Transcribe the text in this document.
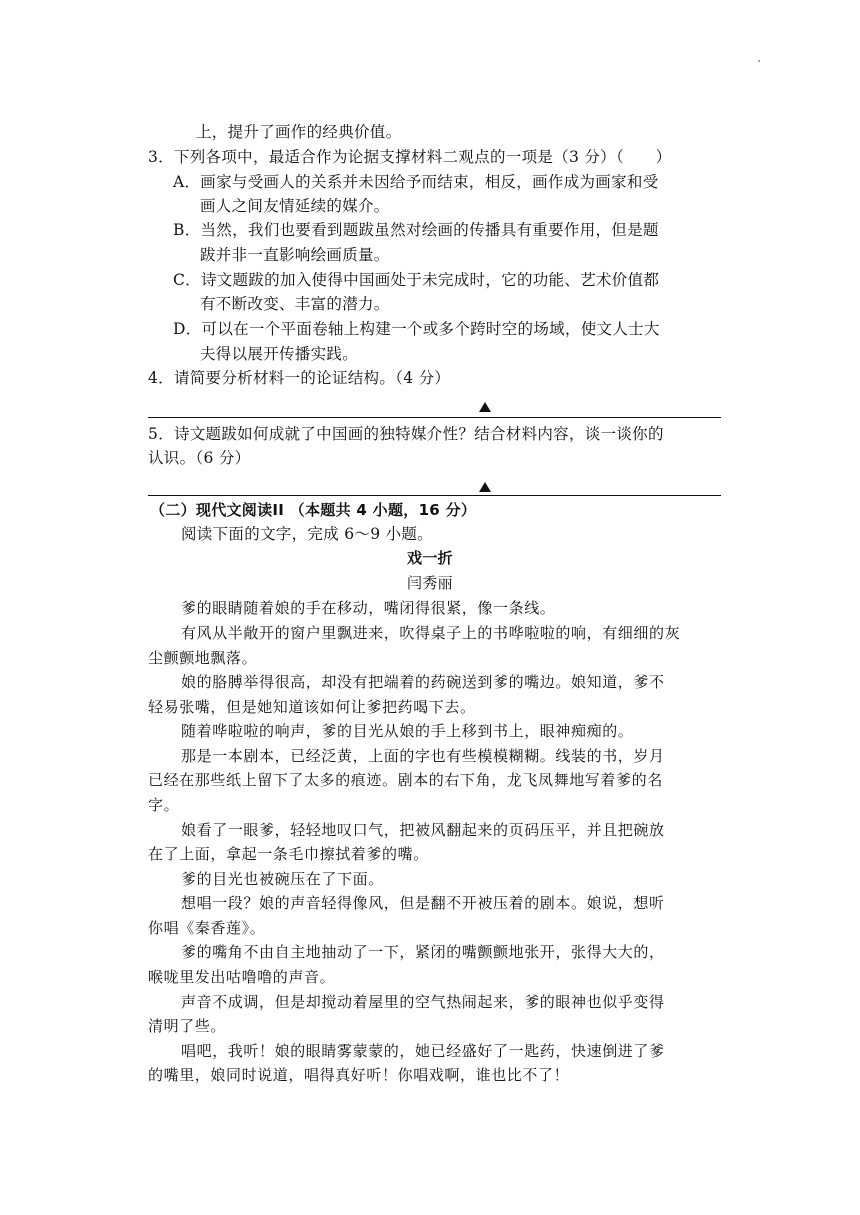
上，提升了画作的经典价值。
3．下列各项中，最适合作为论据支撑材料二观点的一项是（3 分）（　　）
A．画家与受画人的关系并未因给予而结束，相反，画作成为画家和受
画人之间友情延续的媒介。
B．当然，我们也要看到题跋虽然对绘画的传播具有重要作用，但是题
跋并非一直影响绘画质量。
C．诗文题跋的加入使得中国画处于未完成时，它的功能、艺术价值都
有不断改变、丰富的潜力。
D．可以在一个平面卷轴上构建一个或多个跨时空的场域，使文人士大
夫得以展开传播实践。
4．请简要分析材料一的论证结构。（4 分）
5．诗文题跋如何成就了中国画的独特媒介性？结合材料内容，谈一谈你的
认识。（6 分）
（二）现代文阅读II （本题共 4 小题，16 分）
阅读下面的文字，完成 6～9 小题。
戏一折
闫秀丽
爹的眼睛随着娘的手在移动，嘴闭得很紧，像一条线。
有风从半敞开的窗户里飘进来，吹得桌子上的书哗啦啦的响，有细细的灰
尘颤颤地飘落。
娘的胳膊举得很高，却没有把端着的药碗送到爹的嘴边。娘知道，爹不
轻易张嘴，但是她知道该如何让爹把药喝下去。
随着哗啦啦的响声，爹的目光从娘的手上移到书上，眼神痴痴的。
那是一本剧本，已经泛黄，上面的字也有些模模糊糊。线装的书，岁月
已经在那些纸上留下了太多的痕迹。剧本的右下角，龙飞凤舞地写着爹的名
字。
娘看了一眼爹，轻轻地叹口气，把被风翻起来的页码压平，并且把碗放
在了上面，拿起一条毛巾擦拭着爹的嘴。
爹的目光也被碗压在了下面。
想唱一段？娘的声音轻得像风，但是翻不开被压着的剧本。娘说，想听
你唱《秦香莲》。
爹的嘴角不由自主地抽动了一下，紧闭的嘴颤颤地张开，张得大大的，
喉咙里发出咕噜噜的声音。
声音不成调，但是却搅动着屋里的空气热闹起来，爹的眼神也似乎变得
清明了些。
唱吧，我听！娘的眼睛雾蒙蒙的，她已经盛好了一匙药，快速倒进了爹
的嘴里，娘同时说道，唱得真好听！你唱戏啊，谁也比不了！
